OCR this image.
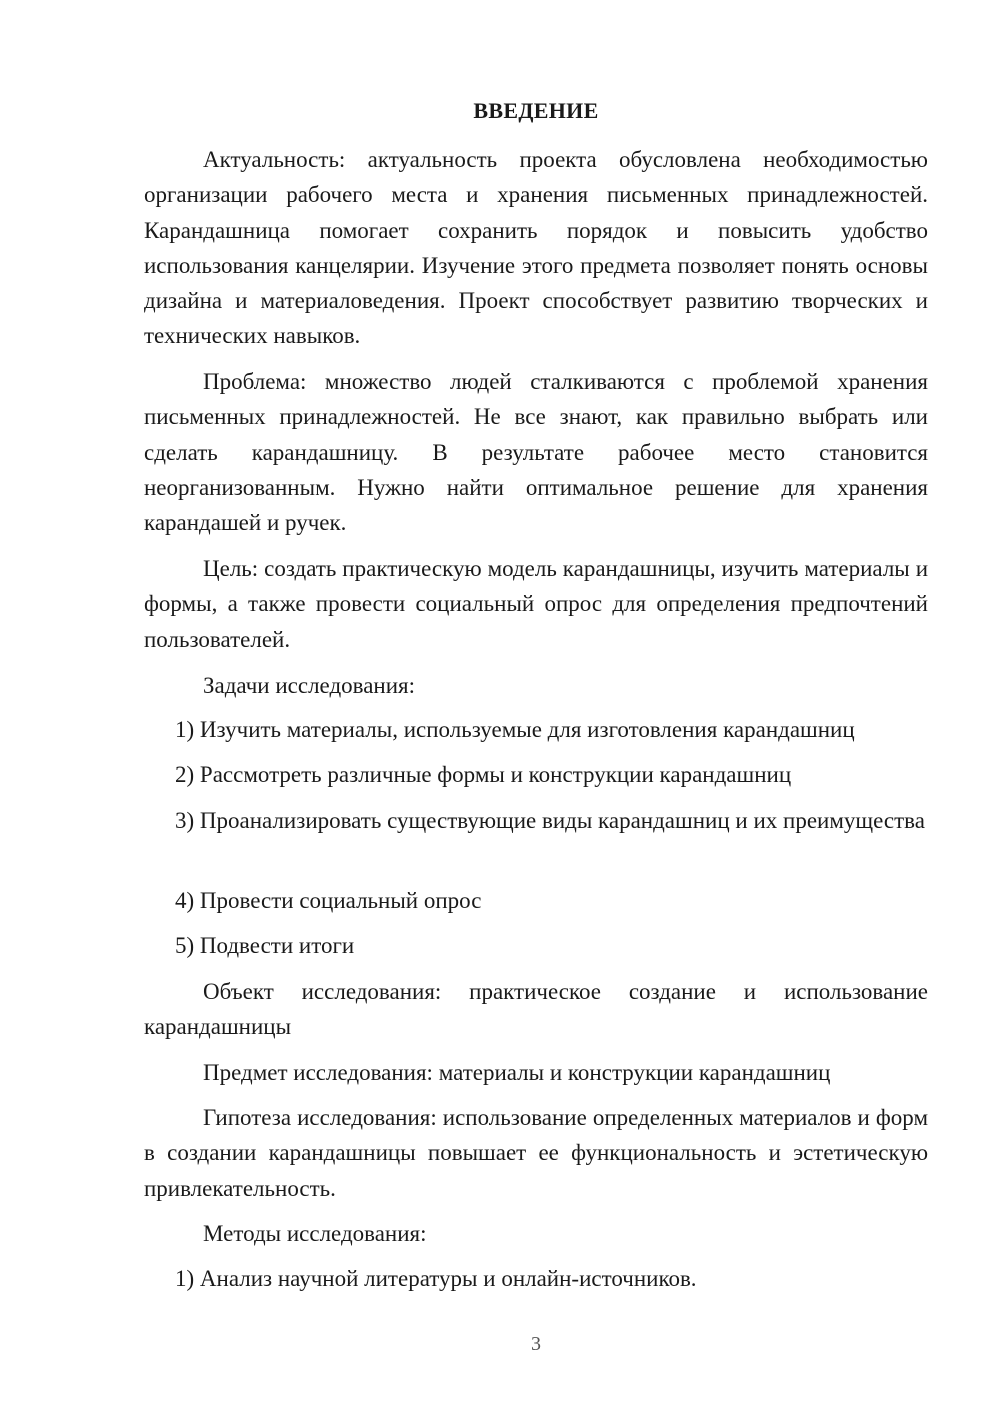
ВВЕДЕНИЕ

Актуальность: актуальность проекта обусловлена необходимостью организации рабочего места и хранения письменных принадлежностей. Карандашница помогает сохранить порядок и повысить удобство использования канцелярии. Изучение этого предмета позволяет понять основы дизайна и материаловедения. Проект способствует развитию творческих и технических навыков.

Проблема: множество людей сталкиваются с проблемой хранения письменных принадлежностей. Не все знают, как правильно выбрать или сделать карандашницу. В результате рабочее место становится неорганизованным. Нужно найти оптимальное решение для хранения карандашей и ручек.

Цель: создать практическую модель карандашницы, изучить материалы и формы, а также провести социальный опрос для определения предпочтений пользователей.

Задачи исследования:

1) Изучить материалы, используемые для изготовления карандашниц

2) Рассмотреть различные формы и конструкции карандашниц

3) Проанализировать существующие виды карандашниц и их преимущества

4) Провести социальный опрос

5) Подвести итоги

Объект исследования: практическое создание и использование карандашницы

Предмет исследования: материалы и конструкции карандашниц

Гипотеза исследования: использование определенных материалов и форм в создании карандашницы повышает ее функциональность и эстетическую привлекательность.

Методы исследования:

1) Анализ научной литературы и онлайн-источников.

3
